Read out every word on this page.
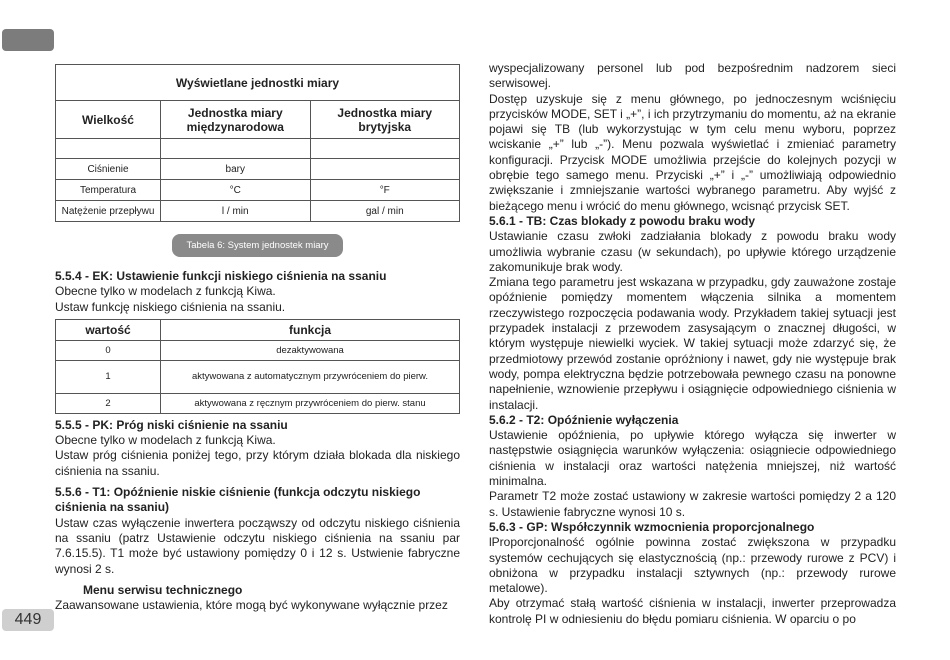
Wyświetlane jednostki miary		
Wielkość	Jednostka miary międzynarodowa	Jednostka miary brytyjska

Ciśnienie	bary	
Temperatura	°C	°F
Natężenie przepływu	l / min	gal / min
Tabela 6: System jednostek miary

5.5.4 - EK: Ustawienie funkcji niskiego ciśnienia na ssaniu

Obecne tylko w modelach z funkcją Kiwa.

Ustaw funkcję niskiego ciśnienia na ssaniu.

wartość	funkcja
0	dezaktywowana
1	aktywowana z automatycznym przywróceniem do pierw.
2	aktywowana z ręcznym przywróceniem do pierw. stanu

5.5.5 - PK: Próg niski ciśnienie na ssaniu

Obecne tylko w modelach z funkcją Kiwa.

Ustaw próg ciśnienia poniżej tego, przy którym działa blokada dla niskiego ciśnienia na ssaniu.

5.5.6 - T1: Opóźnienie niskie ciśnienie (funkcja odczytu niskiego ciśnienia na ssaniu)

Ustaw czas wyłączenie inwertera począwszy od odczytu niskiego ciśnienia na ssaniu (patrz Ustawienie odczytu niskiego ciśnienia na ssaniu par 7.6.15.5). T1 może być ustawiony pomiędzy 0 i 12 s. Ustwienie fabryczne wynosi 2 s.

Menu serwisu technicznego

Zaawansowane ustawienia, które mogą być wykonywane wyłącznie przez

wyspecjalizowany personel lub pod bezpośrednim nadzorem sieci serwisowej.

Dostęp uzyskuje się z menu głównego, po jednoczesnym wciśnięciu przycisków MODE, SET i „+”, i ich przytrzymaniu do momentu, aż na ekranie pojawi się TB (lub wykorzystując w tym celu menu wyboru, poprzez wciskanie „+” lub „-”). Menu pozwala wyświetlać i zmieniać parametry konfiguracji. Przycisk MODE umożliwia przejście do kolejnych pozycji w obrębie tego samego menu. Przyciski „+” i „-” umożliwiają odpowiednio zwiększanie i zmniejszanie wartości wybranego parametru. Aby wyjść z bieżącego menu i wrócić do menu głównego, wcisnąć przycisk SET.

5.6.1 - TB: Czas blokady z powodu braku wody

Ustawianie czasu zwłoki zadziałania blokady z powodu braku wody umożliwia wybranie czasu (w sekundach), po upływie którego urządzenie zakomunikuje brak wody.

Zmiana tego parametru jest wskazana w przypadku, gdy zauważone zostaje opóźnienie pomiędzy momentem włączenia silnika a momentem rzeczywistego rozpoczęcia podawania wody. Przykładem takiej sytuacji jest przypadek instalacji z przewodem zasysającym o znacznej długości, w którym występuje niewielki wyciek. W takiej sytuacji może zdarzyć się, że przedmiotowy przewód zostanie opróżniony i nawet, gdy nie występuje brak wody, pompa elektryczna będzie potrzebowała pewnego czasu na ponowne napełnienie, wznowienie przepływu i osiągnięcie odpowiedniego ciśnienia w instalacji.

5.6.2 - T2: Opóźnienie wyłączenia

Ustawienie opóźnienia, po upływie którego wyłącza się inwerter w następstwie osiągnięcia warunków wyłączenia: osiągniecie odpowiedniego ciśnienia w instalacji oraz wartości natężenia mniejszej, niż wartość minimalna.

Parametr T2 może zostać ustawiony w zakresie wartości pomiędzy 2 a 120 s. Ustawienie fabryczne wynosi 10 s.

5.6.3 - GP: Współczynnik wzmocnienia proporcjonalnego

lProporcjonalność ogólnie powinna zostać zwiększona w przypadku systemów cechujących się elastycznością (np.: przewody rurowe z PCV) i obniżona w przypadku instalacji sztywnych (np.: przewody rurowe metalowe).

Aby otrzymać stałą wartość ciśnienia w instalacji, inwerter przeprowadza kontrolę PI w odniesieniu do błędu pomiaru ciśnienia. W oparciu o po

449
